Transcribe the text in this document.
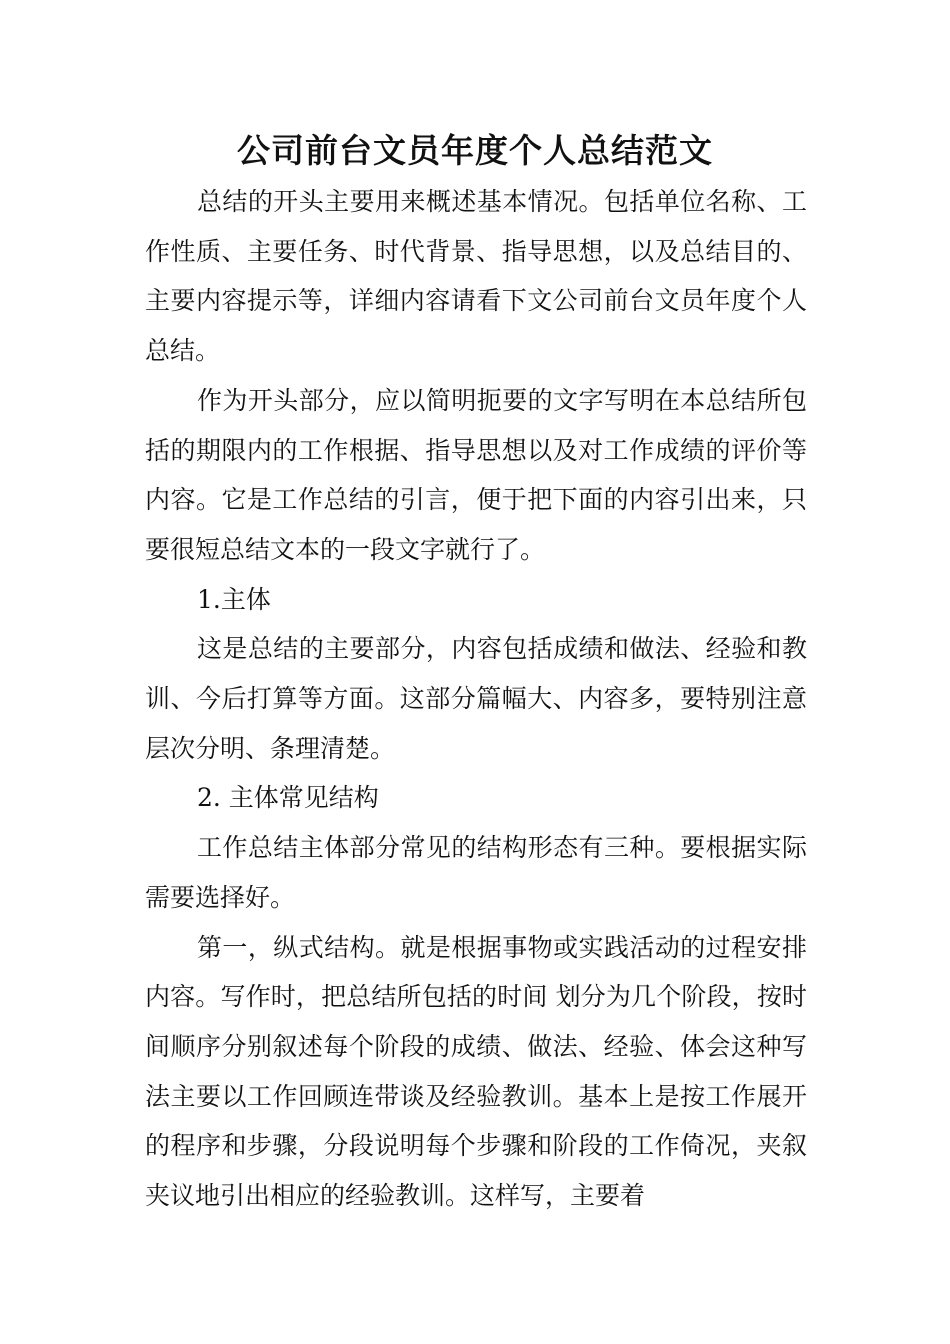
公司前台文员年度个人总结范文

总结的开头主要用来概述基本情况。包括单位名称、工作性质、主要任务、时代背景、指导思想，以及总结目的、主要内容提示等，详细内容请看下文公司前台文员年度个人总结。

作为开头部分，应以简明扼要的文字写明在本总结所包括的期限内的工作根据、指导思想以及对工作成绩的评价等内容。它是工作总结的引言，便于把下面的内容引出来，只要很短总结文本的一段文字就行了。

1.主体

这是总结的主要部分，内容包括成绩和做法、经验和教训、今后打算等方面。这部分篇幅大、内容多，要特别注意层次分明、条理清楚。

2. 主体常见结构

工作总结主体部分常见的结构形态有三种。要根据实际需要选择好。

第一，纵式结构。就是根据事物或实践活动的过程安排内容。写作时，把总结所包括的时间 划分为几个阶段，按时间顺序分别叙述每个阶段的成绩、做法、经验、体会这种写法主要以工作回顾连带谈及经验教训。基本上是按工作展开的程序和步骤，分段说明每个步骤和阶段的工作倚况，夹叙夹议地引出相应的经验教训。这样写，主要着
